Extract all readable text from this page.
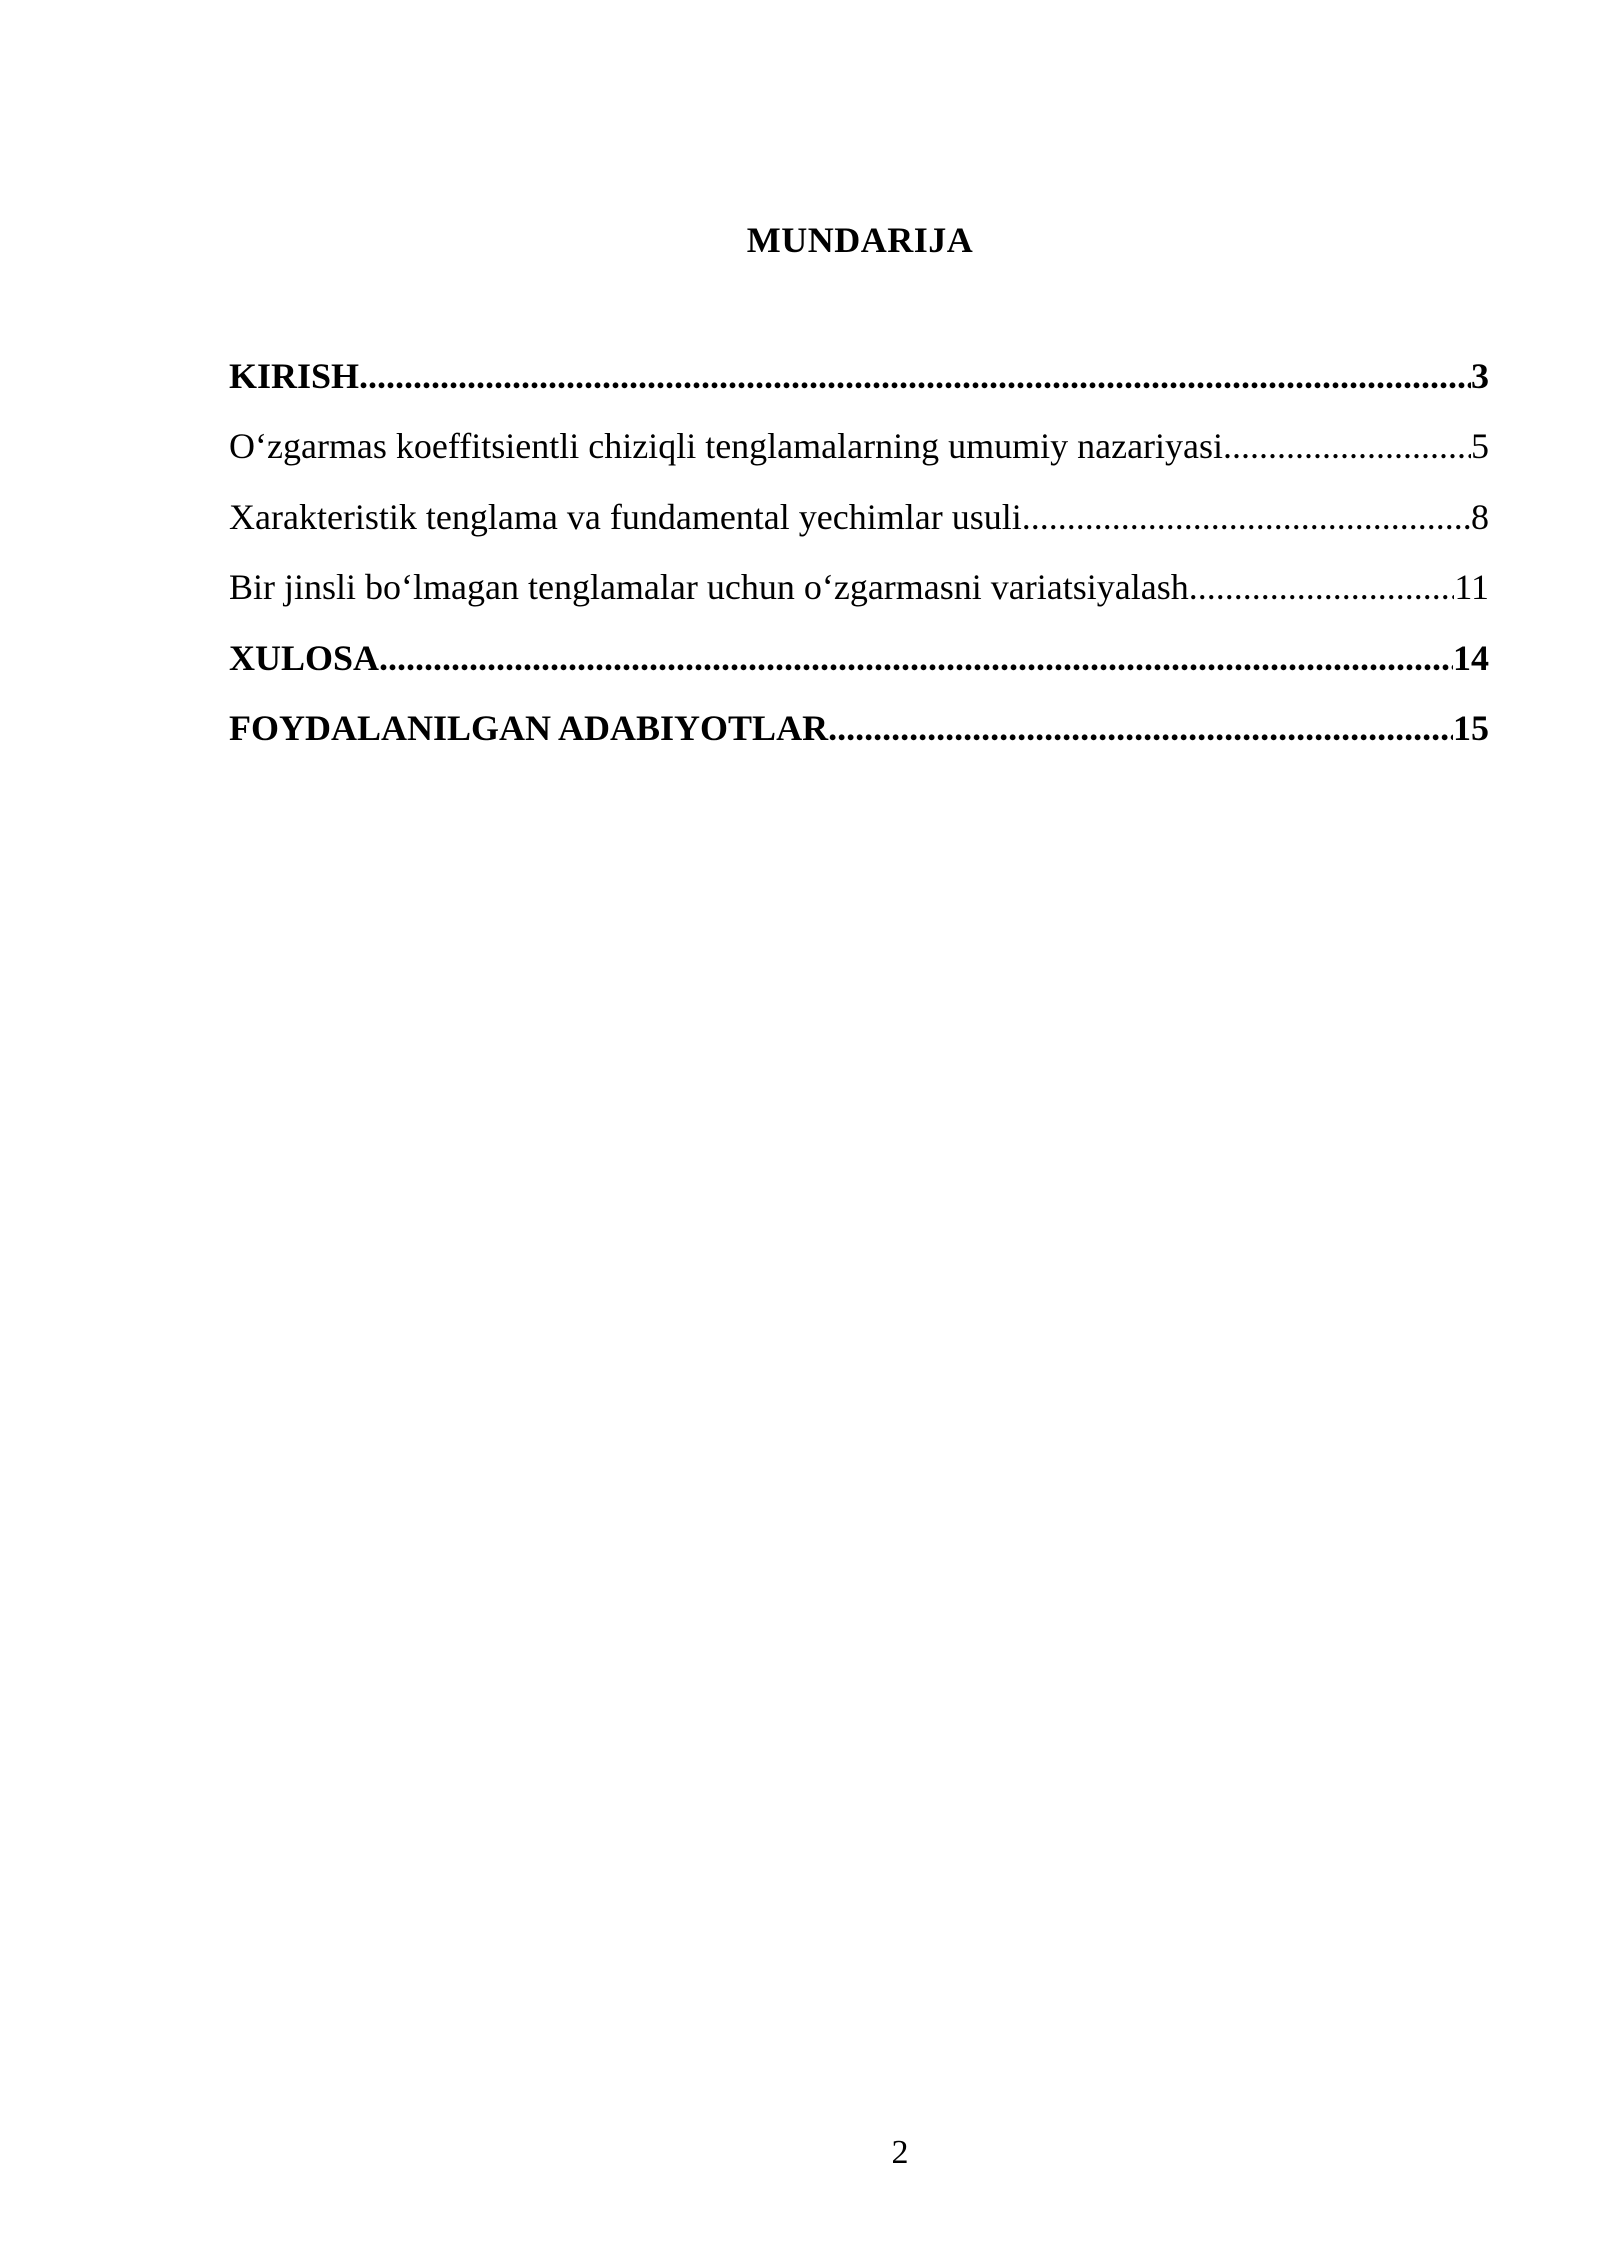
MUNDARIJA
KIRISH .....	3
O‘zgarmas koeffitsientli chiziqli tenglamalarning umumiy nazariyasi .....	5
Xarakteristik tenglama va fundamental yechimlar usuli .....	8
Bir jinsli bo‘lmagan tenglamalar uchun o‘zgarmasni variatsiyalash .....	11
XULOSA .....	14
FOYDALANILGAN ADABIYOTLAR .....	15
2
